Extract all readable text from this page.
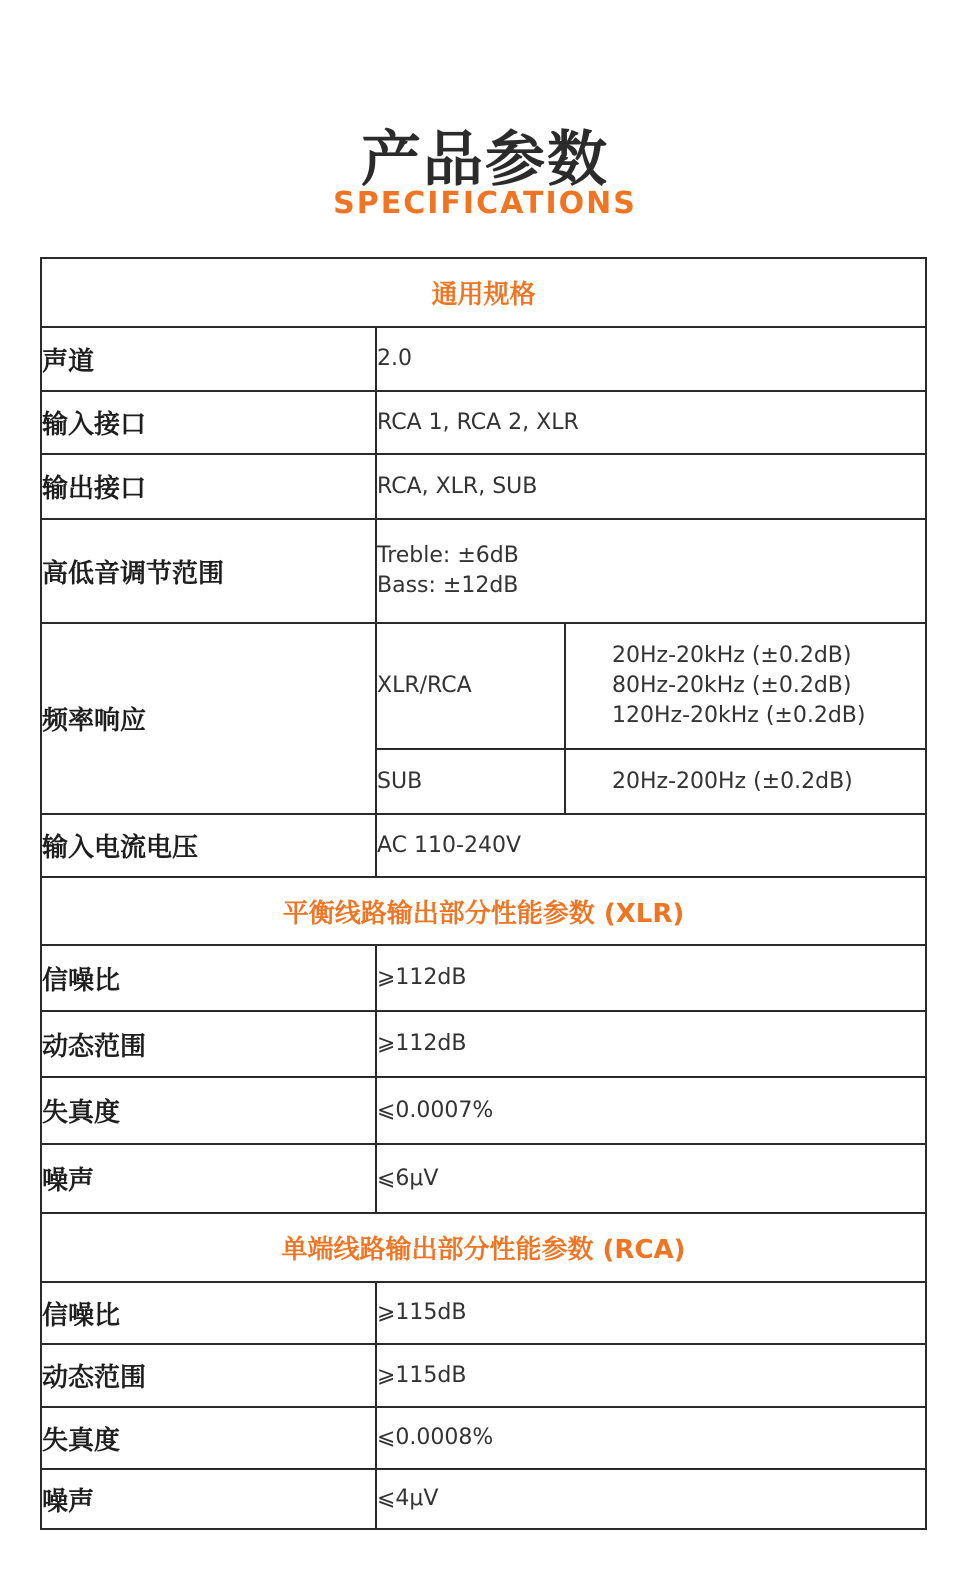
产品参数
SPECIFICATIONS
通用规格		
声道	2.0	
输入接口	RCA 1, RCA 2, XLR	
输出接口	RCA, XLR, SUB	
高低音调节范围	Treble: ±6dB
Bass: ±12dB	

频率响应	XLR/RCA	20Hz-20kHz (±0.2dB)
80Hz-20kHz (±0.2dB)
120Hz-20kHz (±0.2dB)

	SUB	20Hz-200Hz (±0.2dB)
输入电流电压	AC 110-240V	
平衡线路输出部分性能参数 (XLR)		
信噪比	⩾112dB	
动态范围	⩾112dB	
失真度	⩽0.0007%	
噪声	⩽6μV	
单端线路输出部分性能参数 (RCA)		
信噪比	⩾115dB	
动态范围	⩾115dB	
失真度	⩽0.0008%	
噪声	⩽4μV	
